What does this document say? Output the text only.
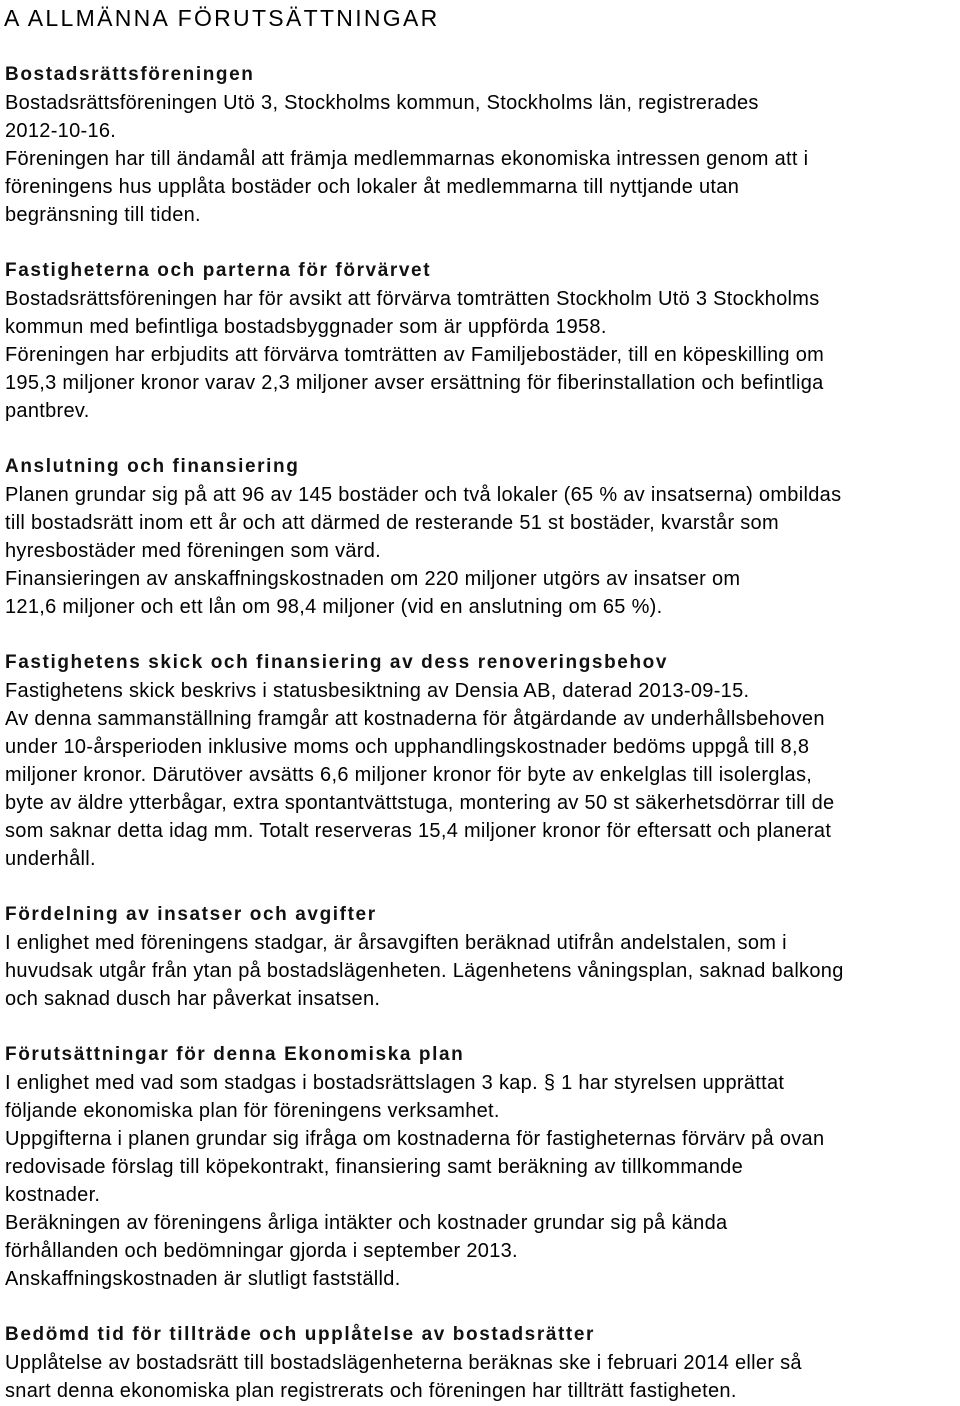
A ALLMÄNNA FÖRUTSÄTTNINGAR
Bostadsrättsföreningen
Bostadsrättsföreningen Utö 3, Stockholms kommun, Stockholms län, registrerades
2012-10-16.
Föreningen har till ändamål att främja medlemmarnas ekonomiska intressen genom att i
föreningens hus upplåta bostäder och lokaler åt medlemmarna till nyttjande utan
begränsning till tiden.
Fastigheterna och parterna för förvärvet
Bostadsrättsföreningen har för avsikt att förvärva tomträtten Stockholm Utö 3 Stockholms
kommun med befintliga bostadsbyggnader som är uppförda 1958.
Föreningen har erbjudits att förvärva tomträtten av Familjebostäder, till en köpeskilling om
195,3 miljoner kronor varav 2,3 miljoner avser ersättning för fiberinstallation och befintliga
pantbrev.
Anslutning och finansiering
Planen grundar sig på att 96 av 145 bostäder och två lokaler (65 % av insatserna) ombildas
till bostadsrätt inom ett år och att därmed de resterande 51 st bostäder, kvarstår som
hyresbostäder med föreningen som värd.
Finansieringen av anskaffningskostnaden om 220 miljoner utgörs av insatser om
121,6 miljoner och ett lån om 98,4 miljoner (vid en anslutning om 65 %).
Fastighetens skick och finansiering av dess renoveringsbehov
Fastighetens skick beskrivs i statusbesiktning av Densia AB, daterad 2013-09-15.
Av denna sammanställning framgår att kostnaderna för åtgärdande av underhållsbehoven
under 10-årsperioden inklusive moms och upphandlingskostnader bedöms uppgå till 8,8
miljoner kronor. Därutöver avsätts 6,6 miljoner kronor för byte av enkelglas till isolerglas,
byte av äldre ytterbågar, extra spontantvättstuga, montering av 50 st säkerhetsdörrar till de
som saknar detta idag mm. Totalt reserveras 15,4 miljoner kronor för eftersatt och planerat
underhåll.
Fördelning av insatser och avgifter
I enlighet med föreningens stadgar, är årsavgiften beräknad utifrån andelstalen, som i
huvudsak utgår från ytan på bostadslägenheten. Lägenhetens våningsplan, saknad balkong
och saknad dusch har påverkat insatsen.
Förutsättningar för denna Ekonomiska plan
I enlighet med vad som stadgas i bostadsrättslagen 3 kap. § 1 har styrelsen upprättat
följande ekonomiska plan för föreningens verksamhet.
Uppgifterna i planen grundar sig ifråga om kostnaderna för fastigheternas förvärv på ovan
redovisade förslag till köpekontrakt, finansiering samt beräkning av tillkommande
kostnader.
Beräkningen av föreningens årliga intäkter och kostnader grundar sig på kända
förhållanden och bedömningar gjorda i september 2013.
Anskaffningskostnaden är slutligt fastställd.
Bedömd tid för tillträde och upplåtelse av bostadsrätter
Upplåtelse av bostadsrätt till bostadslägenheterna beräknas ske i februari 2014 eller så
snart denna ekonomiska plan registrerats och föreningen har tillträtt fastigheten.
